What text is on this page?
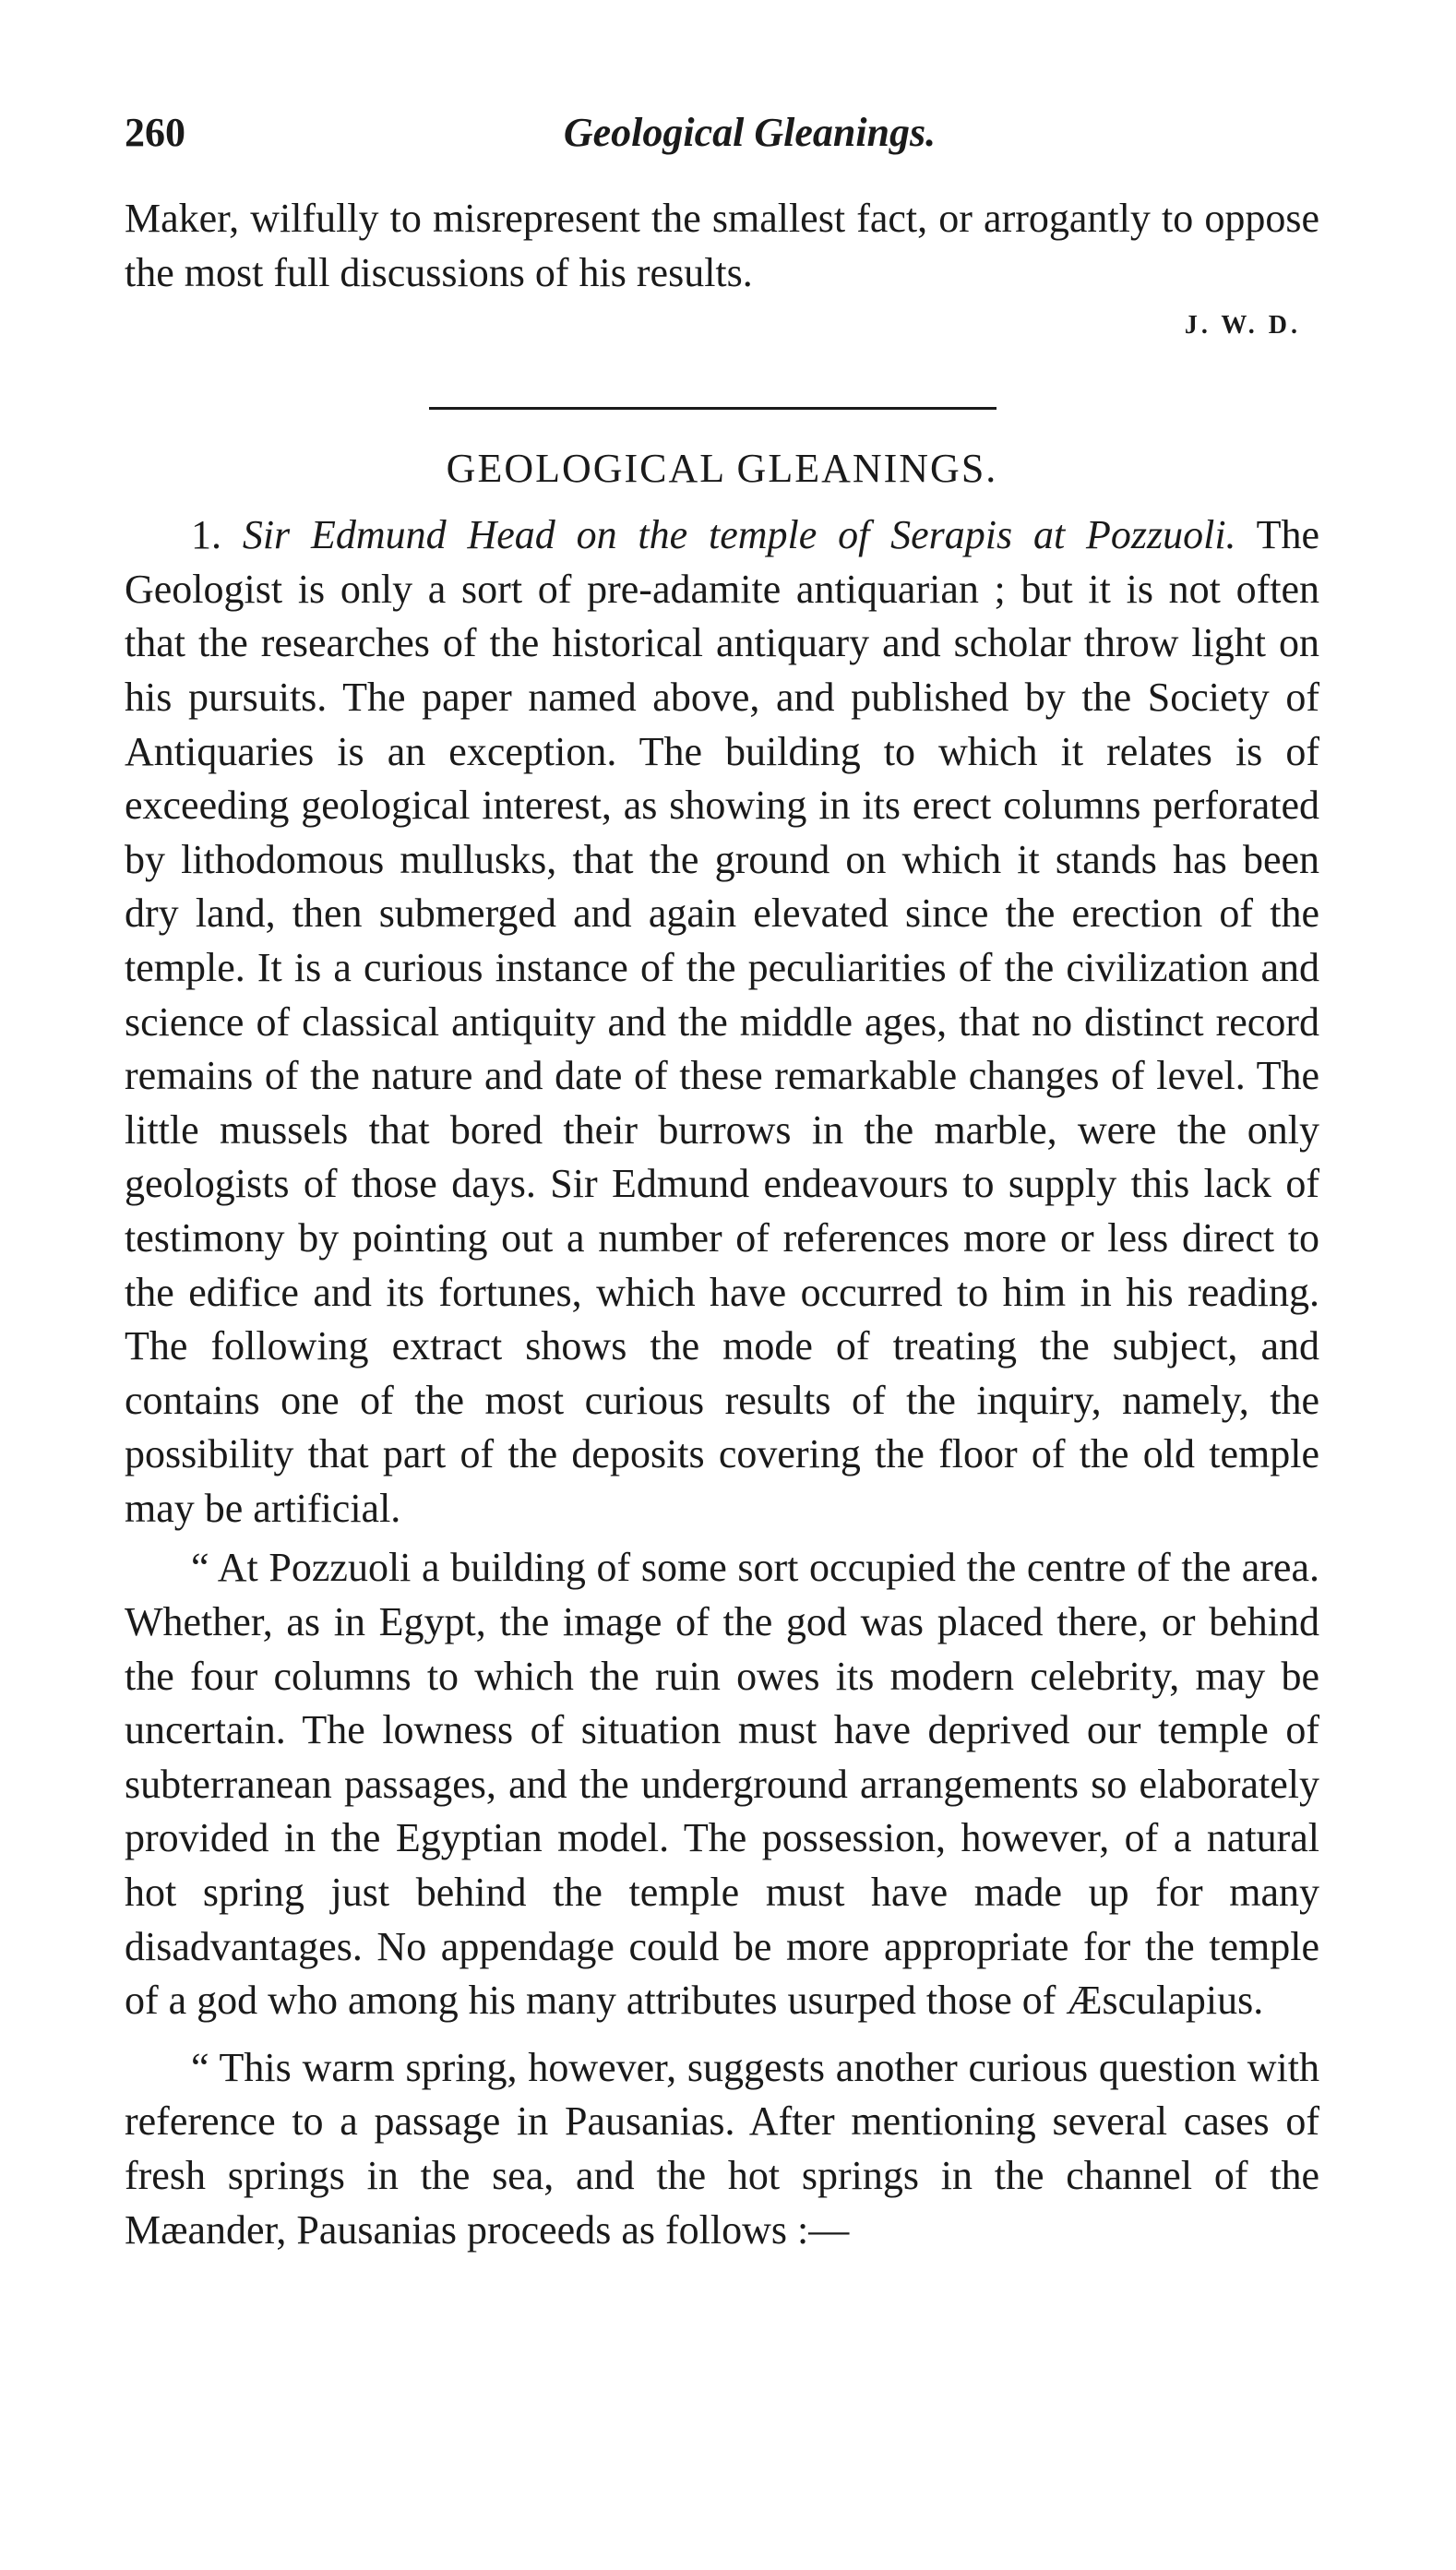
260	Geological Gleanings.

Maker, wilfully to misrepresent the smallest fact, or arrogantly to oppose the most full discussions of his results.

J. W. D.
GEOLOGICAL GLEANINGS.

1. Sir Edmund Head on the temple of Serapis at Pozzuoli. The Geologist is only a sort of pre-adamite antiquarian ; but it is not often that the researches of the historical antiquary and scholar throw light on his pursuits. The paper named above, and published by the Society of Antiquaries is an exception. The building to which it relates is of exceeding geological interest, as showing in its erect columns perforated by lithodomous mullusks, that the ground on which it stands has been dry land, then submerged and again elevated since the erection of the temple. It is a curious instance of the peculiarities of the civilization and science of classical antiquity and the middle ages, that no distinct record remains of the nature and date of these remarkable changes of level. The little mussels that bored their burrows in the marble, were the only geologists of those days. Sir Edmund endeavours to supply this lack of testimony by pointing out a number of references more or less direct to the edifice and its fortunes, which have occurred to him in his reading. The following extract shows the mode of treating the subject, and contains one of the most curious results of the inquiry, namely, the possibility that part of the deposits covering the floor of the old temple may be artificial.

“ At Pozzuoli a building of some sort occupied the centre of the area. Whether, as in Egypt, the image of the god was placed there, or behind the four columns to which the ruin owes its modern celebrity, may be uncertain. The lowness of situation must have deprived our temple of subterranean passages, and the underground arrangements so elaborately provided in the Egyptian model. The possession, however, of a natural hot spring just behind the temple must have made up for many disadvantages. No appendage could be more appropriate for the temple of a god who among his many attributes usurped those of Æsculapius.

“ This warm spring, however, suggests another curious question with reference to a passage in Pausanias. After mentioning several cases of fresh springs in the sea, and the hot springs in the channel of the Mæander, Pausanias proceeds as follows :—
